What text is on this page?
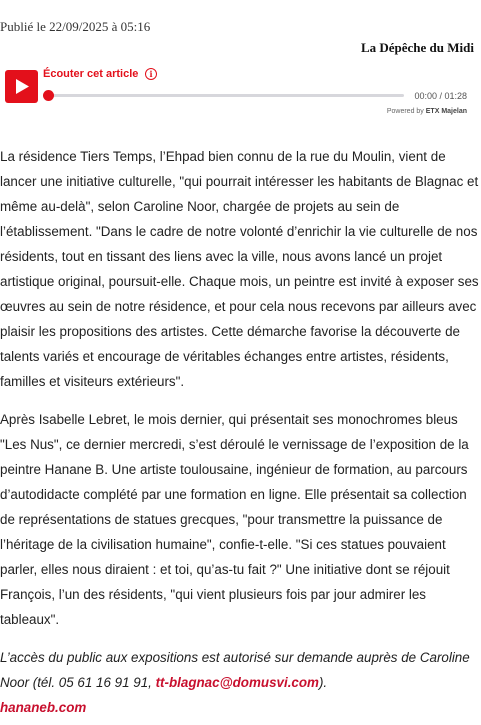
Publié le 22/09/2025 à 05:16
La Dépêche du Midi
Écouter cet article	i
00:00 / 01:28
Powered by ETX Majelan

La résidence Tiers Temps, l’Ehpad bien connu de la rue du Moulin, vient de lancer une initiative culturelle, "qui pourrait intéresser les habitants de Blagnac et même au-delà", selon Caroline Noor, chargée de projets au sein de l’établissement. "Dans le cadre de notre volonté d’enrichir la vie culturelle de nos résidents, tout en tissant des liens avec la ville, nous avons lancé un projet artistique original, poursuit-elle. Chaque mois, un peintre est invité à exposer ses œuvres au sein de notre résidence, et pour cela nous recevons par ailleurs avec plaisir les propositions des artistes. Cette démarche favorise la découverte de talents variés et encourage de véritables échanges entre artistes, résidents, familles et visiteurs extérieurs".

Après Isabelle Lebret, le mois dernier, qui présentait ses monochromes bleus "Les Nus", ce dernier mercredi, s’est déroulé le vernissage de l’exposition de la peintre Hanane B. Une artiste toulousaine, ingénieur de formation, au parcours d’autodidacte complété par une formation en ligne. Elle présentait sa collection de représentations de statues grecques, "pour transmettre la puissance de l’héritage de la civilisation humaine", confie-t-elle. "Si ces statues pouvaient parler, elles nous diraient : et toi, qu’as-tu fait ?" Une initiative dont se réjouit François, l’un des résidents, "qui vient plusieurs fois par jour admirer les tableaux".

L’accès du public aux expositions est autorisé sur demande auprès de Caroline Noor (tél. 05 61 16 91 91, tt-blagnac@domusvi.com).

hananeb.com
